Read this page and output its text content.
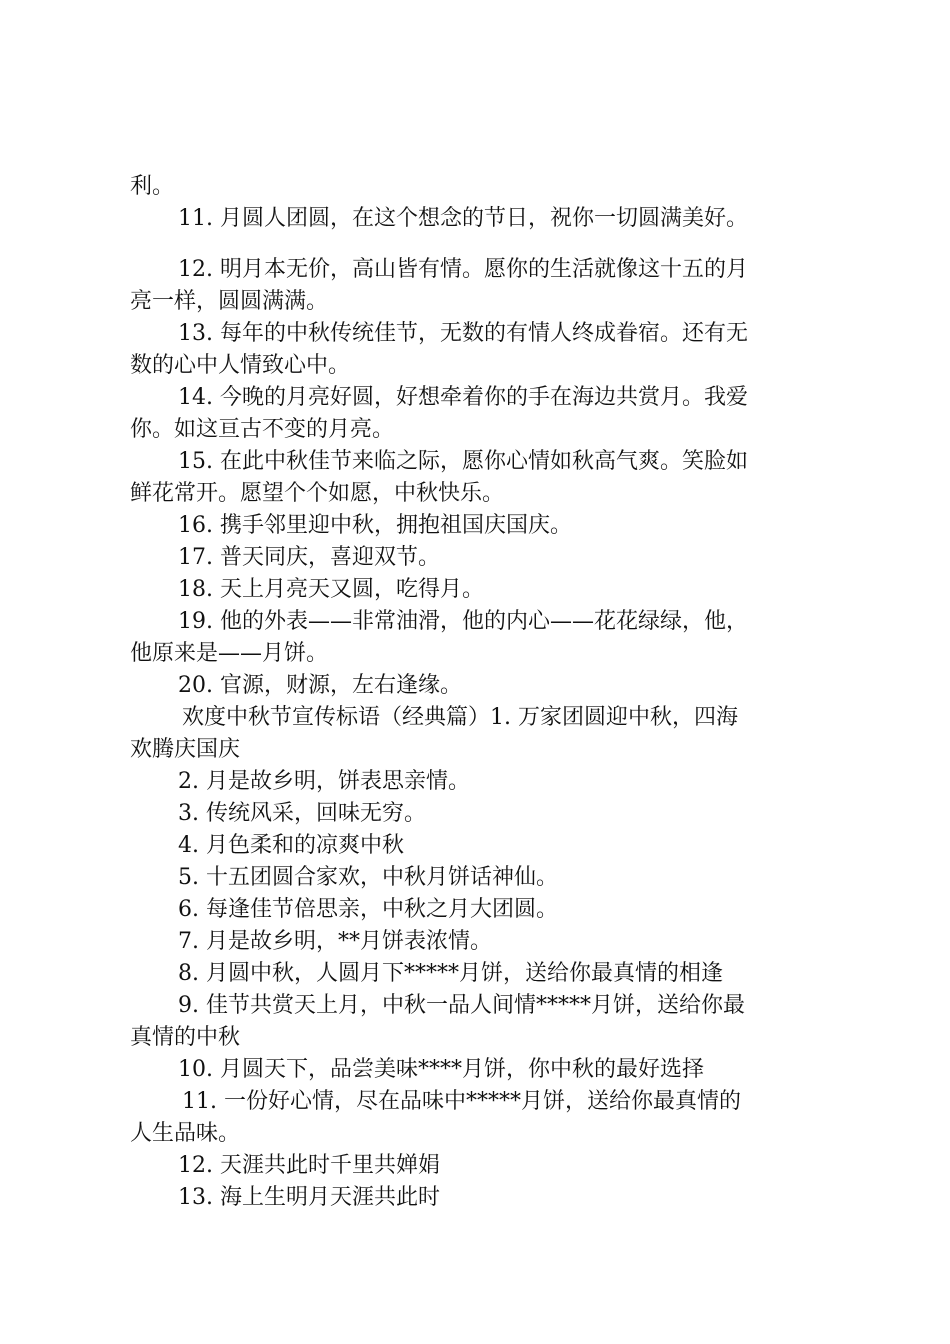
利。

11. 月圆人团圆，在这个想念的节日，祝你一切圆满美好。

12. 明月本无价，高山皆有情。愿你的生活就像这十五的月

亮一样，圆圆满满。

13. 每年的中秋传统佳节，无数的有情人终成眷宿。还有无

数的心中人情致心中。

14. 今晚的月亮好圆，好想牵着你的手在海边共赏月。我爱

你。如这亘古不变的月亮。

15. 在此中秋佳节来临之际，愿你心情如秋高气爽。笑脸如

鲜花常开。愿望个个如愿，中秋快乐。

16. 携手邻里迎中秋，拥抱祖国庆国庆。

17. 普天同庆，喜迎双节。

18. 天上月亮天又圆，吃得月。

19. 他的外表——非常油滑，他的内心——花花绿绿，他，

他原来是——月饼。

20. 官源，财源，左右逢缘。

欢度中秋节宣传标语（经典篇）1. 万家团圆迎中秋，四海

欢腾庆国庆

2. 月是故乡明，饼表思亲情。

3. 传统风采，回味无穷。

4. 月色柔和的凉爽中秋

5. 十五团圆合家欢，中秋月饼话神仙。

6. 每逢佳节倍思亲，中秋之月大团圆。

7. 月是故乡明，**月饼表浓情。

8. 月圆中秋，人圆月下*****月饼，送给你最真情的相逢

9. 佳节共赏天上月，中秋一品人间情*****月饼，送给你最

真情的中秋

10. 月圆天下，品尝美味****月饼，你中秋的最好选择

11. 一份好心情，尽在品味中*****月饼，送给你最真情的

人生品味。

12. 天涯共此时千里共婵娟

13. 海上生明月天涯共此时
